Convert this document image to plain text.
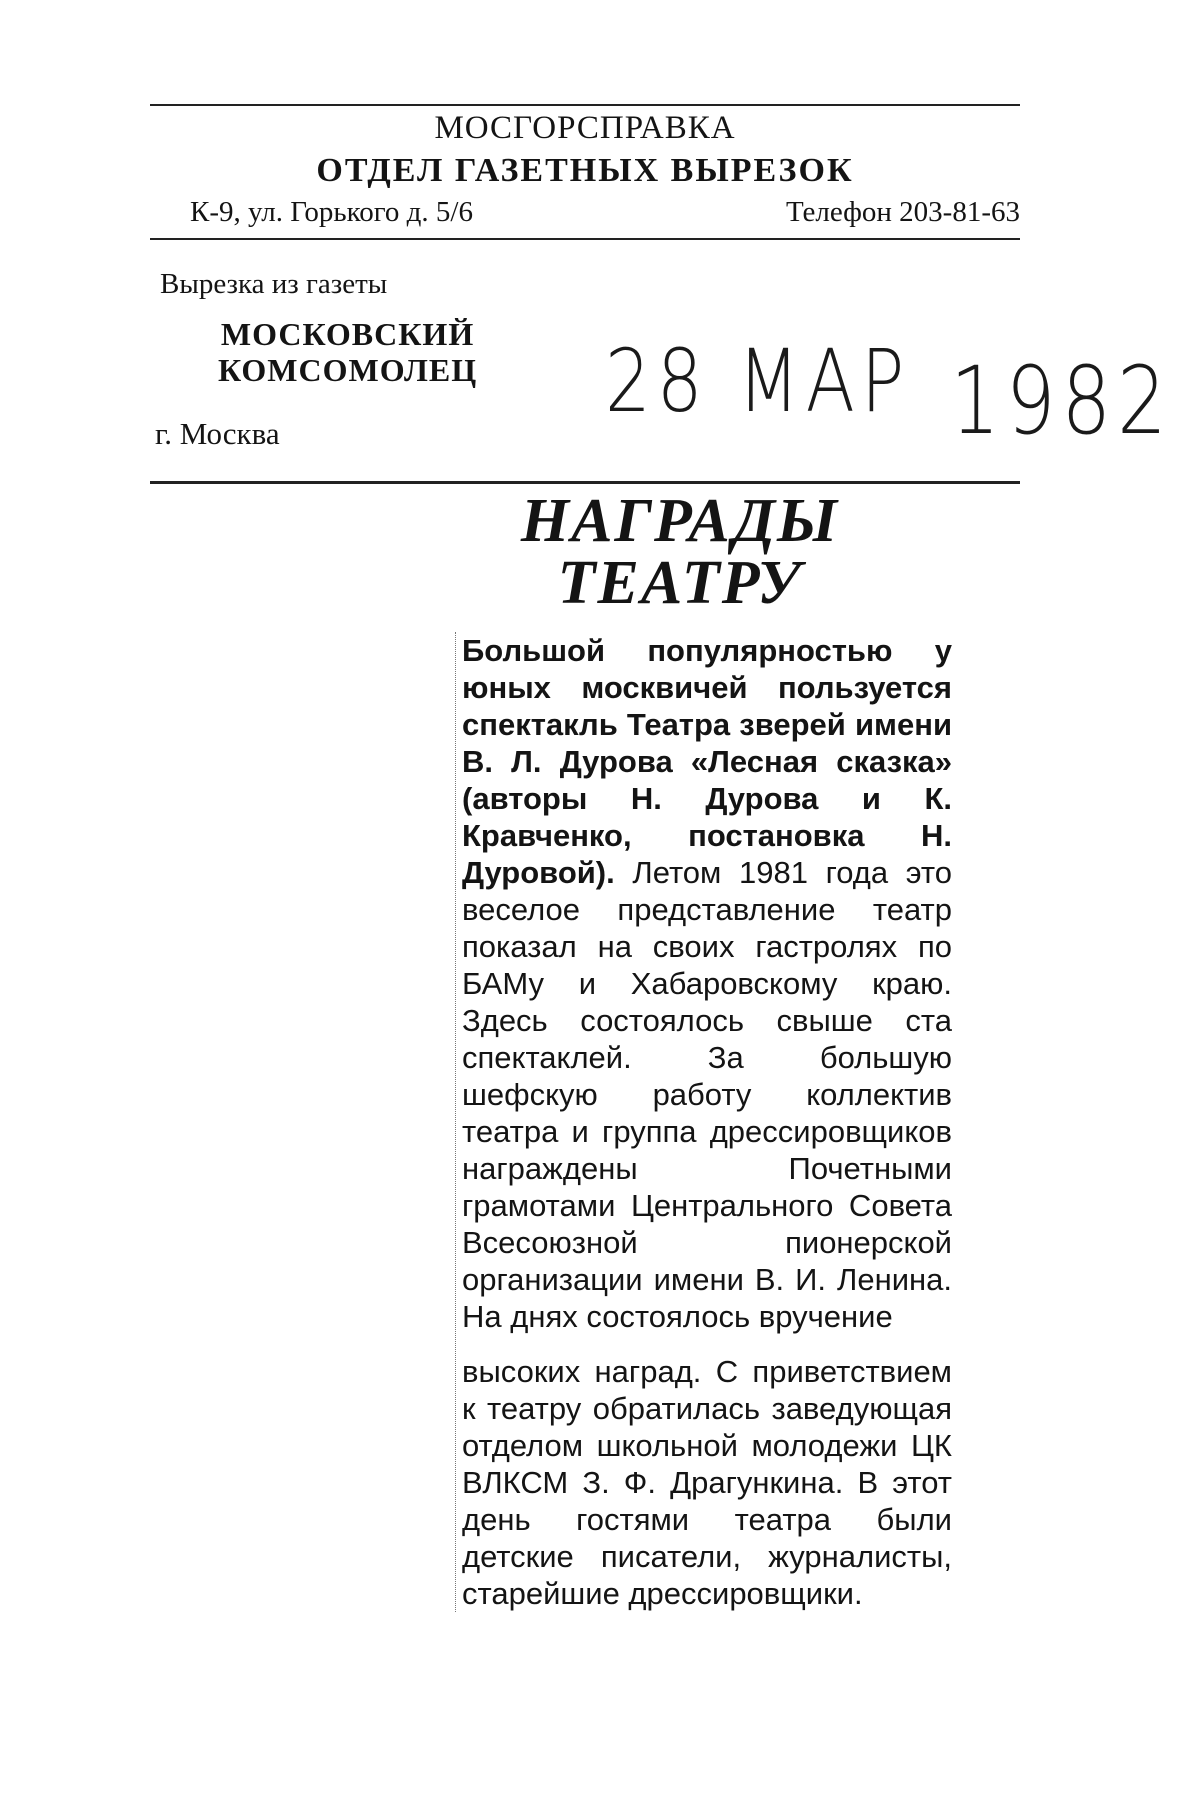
МОСГОРСПРАВКА
ОТДЕЛ ГАЗЕТНЫХ ВЫРЕЗОК
К-9, ул. Горького д. 5/6	Телефон 203-81-63
Вырезка из газеты
МОСКОВСКИЙ
КОМСОМОЛЕЦ
г. Москва
28 МАР 1982
НАГРАДЫ
ТЕАТРУ

Большой популярностью у юных москвичей пользуется спектакль Театра зверей имени В. Л. Дурова «Лесная сказка» (авторы Н. Дурова и К. Кравченко, постановка Н. Дуровой). Летом 1981 года это веселое представление театр показал на своих гастролях по БАМу и Хабаровскому краю. Здесь состоялось свыше ста спектаклей. За большую шефскую работу коллектив театра и группа дрессировщиков награждены Почетными грамотами Центрального Совета Всесоюзной пионерской организации имени В. И. Ленина. На днях состоялось вручение

высоких наград. С приветствием к театру обратилась заведующая отделом школьной молодежи ЦК ВЛКСМ З. Ф. Драгункина. В этот день гостями театра были детские писатели, журналисты, старейшие дрессировщики.
